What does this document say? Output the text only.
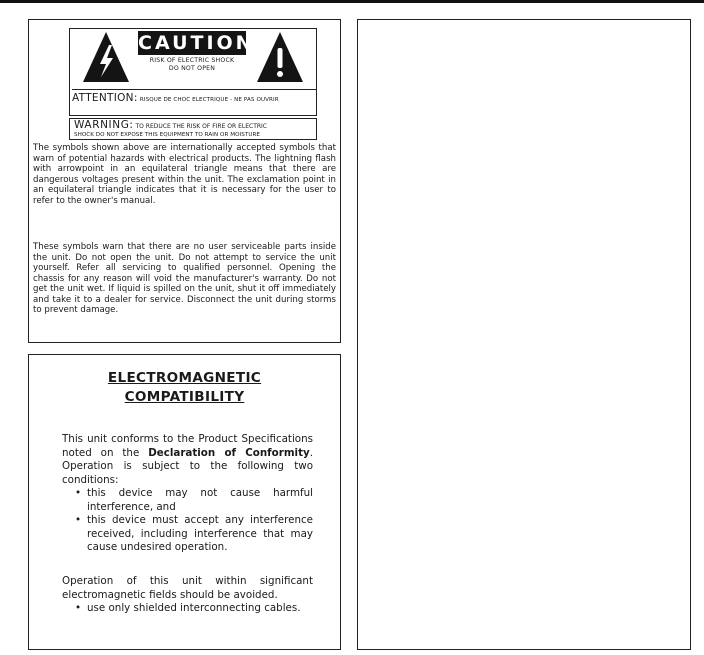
CAUTION
RISK OF ELECTRIC SHOCK
DO NOT OPEN
ATTENTION: RISQUE DE CHOC ELECTRIQUE - NE PAS OUVRIR
WARNING: TO REDUCE THE RISK OF FIRE OR ELECTRIC
SHOCK DO NOT EXPOSE THIS EQUIPMENT TO RAIN OR MOISTURE

The symbols shown above are internationally accepted symbols that warn of potential hazards with electrical products. The lightning flash with arrowpoint in an equilateral triangle means that there are dangerous voltages present within the unit. The exclamation point in an equilateral triangle indicates that it is necessary for the user to refer to the owner's manual.

These symbols warn that there are no user serviceable parts inside the unit. Do not open the unit. Do not attempt to service the unit yourself. Refer all servicing to qualified personnel. Opening the chassis for any reason will void the manufacturer's warranty. Do not get the unit wet. If liquid is spilled on the unit, shut it off immediately and take it to a dealer for service. Disconnect the unit during storms to prevent damage.

ELECTROMAGNETIC
COMPATIBILITY

This unit conforms to the Product Specifications noted on the Declaration of Conformity. Operation is subject to the following two conditions:

• this device may not cause harmful interference, and
• this device must accept any interference received, including interference that may cause undesired operation.

Operation of this unit within significant electromagnetic fields should be avoided.

• use only shielded interconnecting cables.
